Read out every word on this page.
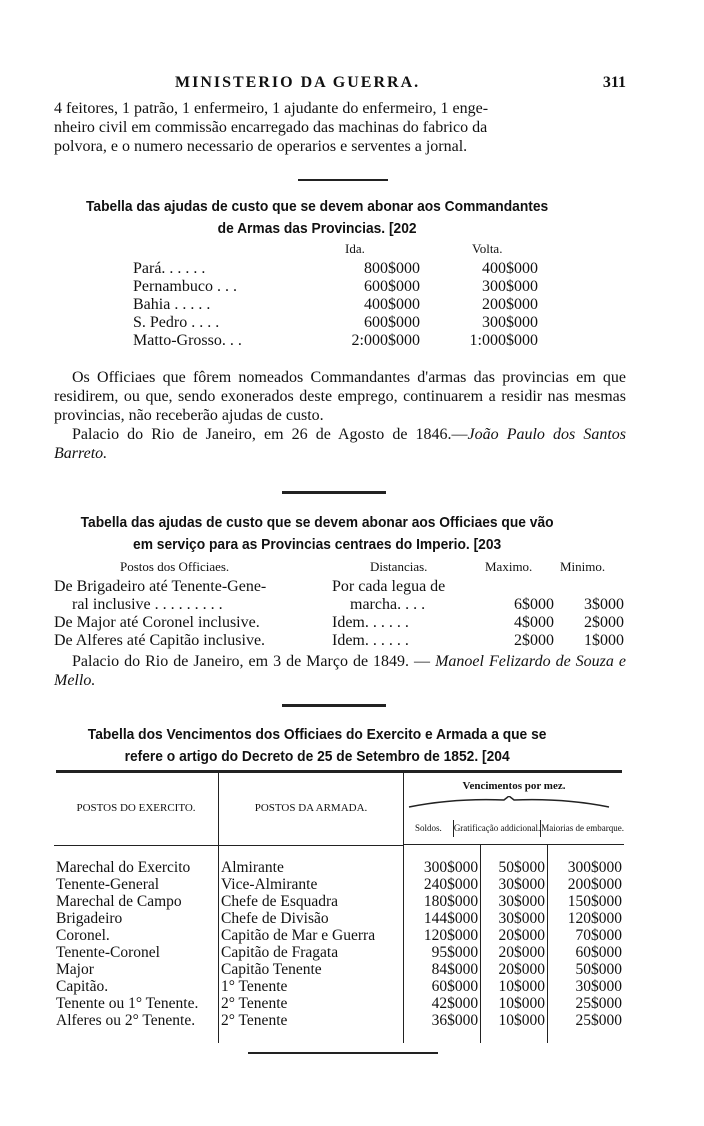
MINISTERIO DA GUERRA.	311
4 feitores, 1 patrão, 1 enfermeiro, 1 ajudante do enfermeiro, 1 enge-
nheiro civil em commissão encarregado das machinas do fabrico da
polvora, e o numero necessario de operarios e serventes a jornal.
Tabella das ajudas de custo que se devem abonar aos Commandantes
de Armas das Provincias. [202
Ida.	Volta.
Pará. . . . . .	800$000	400$000
Pernambuco . . .	600$000	300$000
Bahia . . . . .	400$000	200$000
S. Pedro . . . .	600$000	300$000
Matto-Grosso. . .	2:000$000	1:000$000
Os Officiaes que fôrem nomeados Commandantes d'armas das provincias em que residirem, ou que, sendo exonerados deste emprego, continuarem a residir nas mesmas provincias, não receberão ajudas de custo.
Palacio do Rio de Janeiro, em 26 de Agosto de 1846.—João Paulo dos Santos Barreto.
Tabella das ajudas de custo que se devem abonar aos Officiaes que vão
em serviço para as Provincias centraes do Imperio. [203
Postos dos Officiaes.	Distancias.	Maximo. Minimo.
De Brigadeiro até Tenente-Gene-	Por cada legua de
ral inclusive . . . . . . . . .	marcha. . . .	6$000 3$000
De Major até Coronel inclusive.	Idem. . . . . .	4$000 2$000
De Alferes até Capitão inclusive.	Idem. . . . . .	2$000 1$000
Palacio do Rio de Janeiro, em 3 de Março de 1849. — Manoel Felizardo de Souza e Mello.
Tabella dos Vencimentos dos Officiaes do Exercito e Armada a que se
refere o artigo do Decreto de 25 de Setembro de 1852. [204
POSTOS DO EXERCITO.	POSTOS DA ARMADA.	Vencimentos por mez.
Soldos. Gratificação addicional. Maiorias de embarque.		

Marechal do Exercito	Almirante	300$000	50$000	300$000
Tenente-General	Vice-Almirante	240$000	30$000	200$000
Marechal de Campo	Chefe de Esquadra	180$000	30$000	150$000
Brigadeiro	Chefe de Divisão	144$000	30$000	120$000
Coronel.	Capitão de Mar e Guerra	120$000	20$000	70$000
Tenente-Coronel	Capitão de Fragata	95$000	20$000	60$000
Major	Capitão Tenente	84$000	20$000	50$000
Capitão.	1° Tenente	60$000	10$000	30$000
Tenente ou 1° Tenente.	2° Tenente	42$000	10$000	25$000
Alferes ou 2° Tenente.	2° Tenente	36$000	10$000	25$000
